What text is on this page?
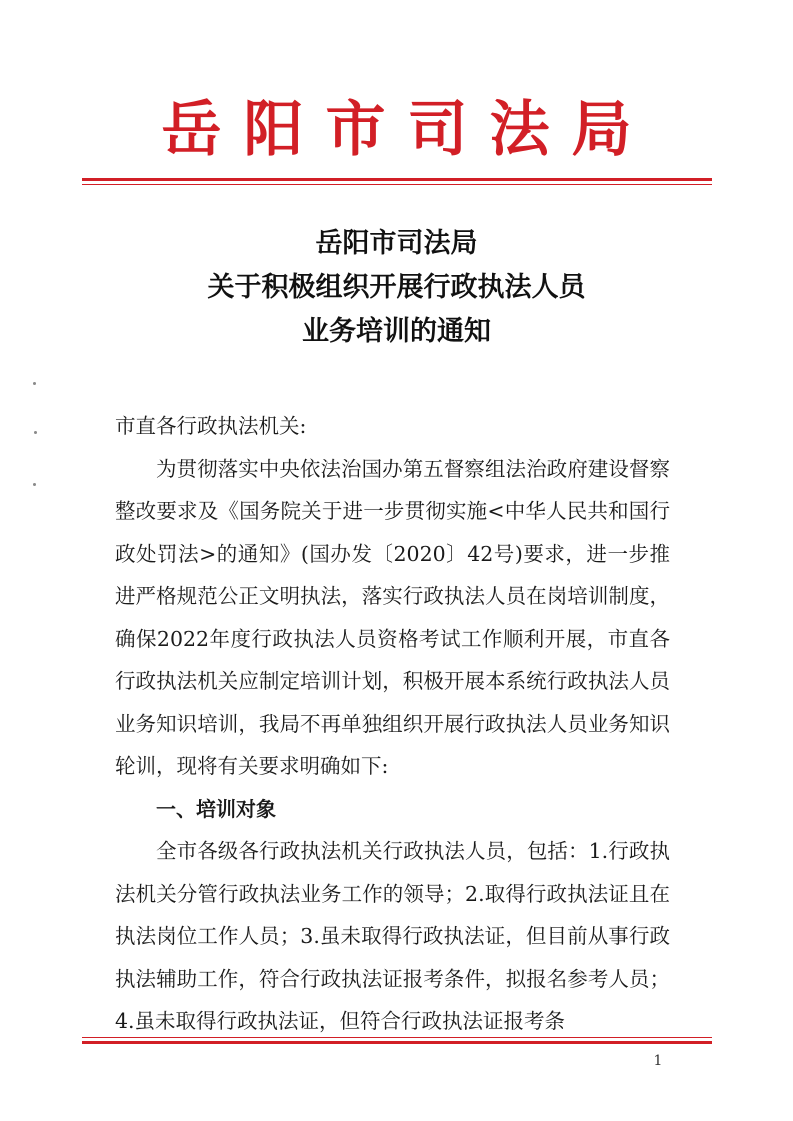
岳阳市司法局
岳阳市司法局
关于积极组织开展行政执法人员
业务培训的通知

市直各行政执法机关:

为贯彻落实中央依法治国办第五督察组法治政府建设督察整改要求及《国务院关于进一步贯彻实施<中华人民共和国行政处罚法>的通知》(国办发〔2020〕42号)要求，进一步推进严格规范公正文明执法，落实行政执法人员在岗培训制度，确保2022年度行政执法人员资格考试工作顺利开展，市直各行政执法机关应制定培训计划，积极开展本系统行政执法人员业务知识培训，我局不再单独组织开展行政执法人员业务知识轮训，现将有关要求明确如下:

一、培训对象

全市各级各行政执法机关行政执法人员，包括：1.行政执法机关分管行政执法业务工作的领导；2.取得行政执法证且在执法岗位工作人员；3.虽未取得行政执法证，但目前从事行政执法辅助工作，符合行政执法证报考条件，拟报名参考人员；4.虽未取得行政执法证，但符合行政执法证报考条

1
